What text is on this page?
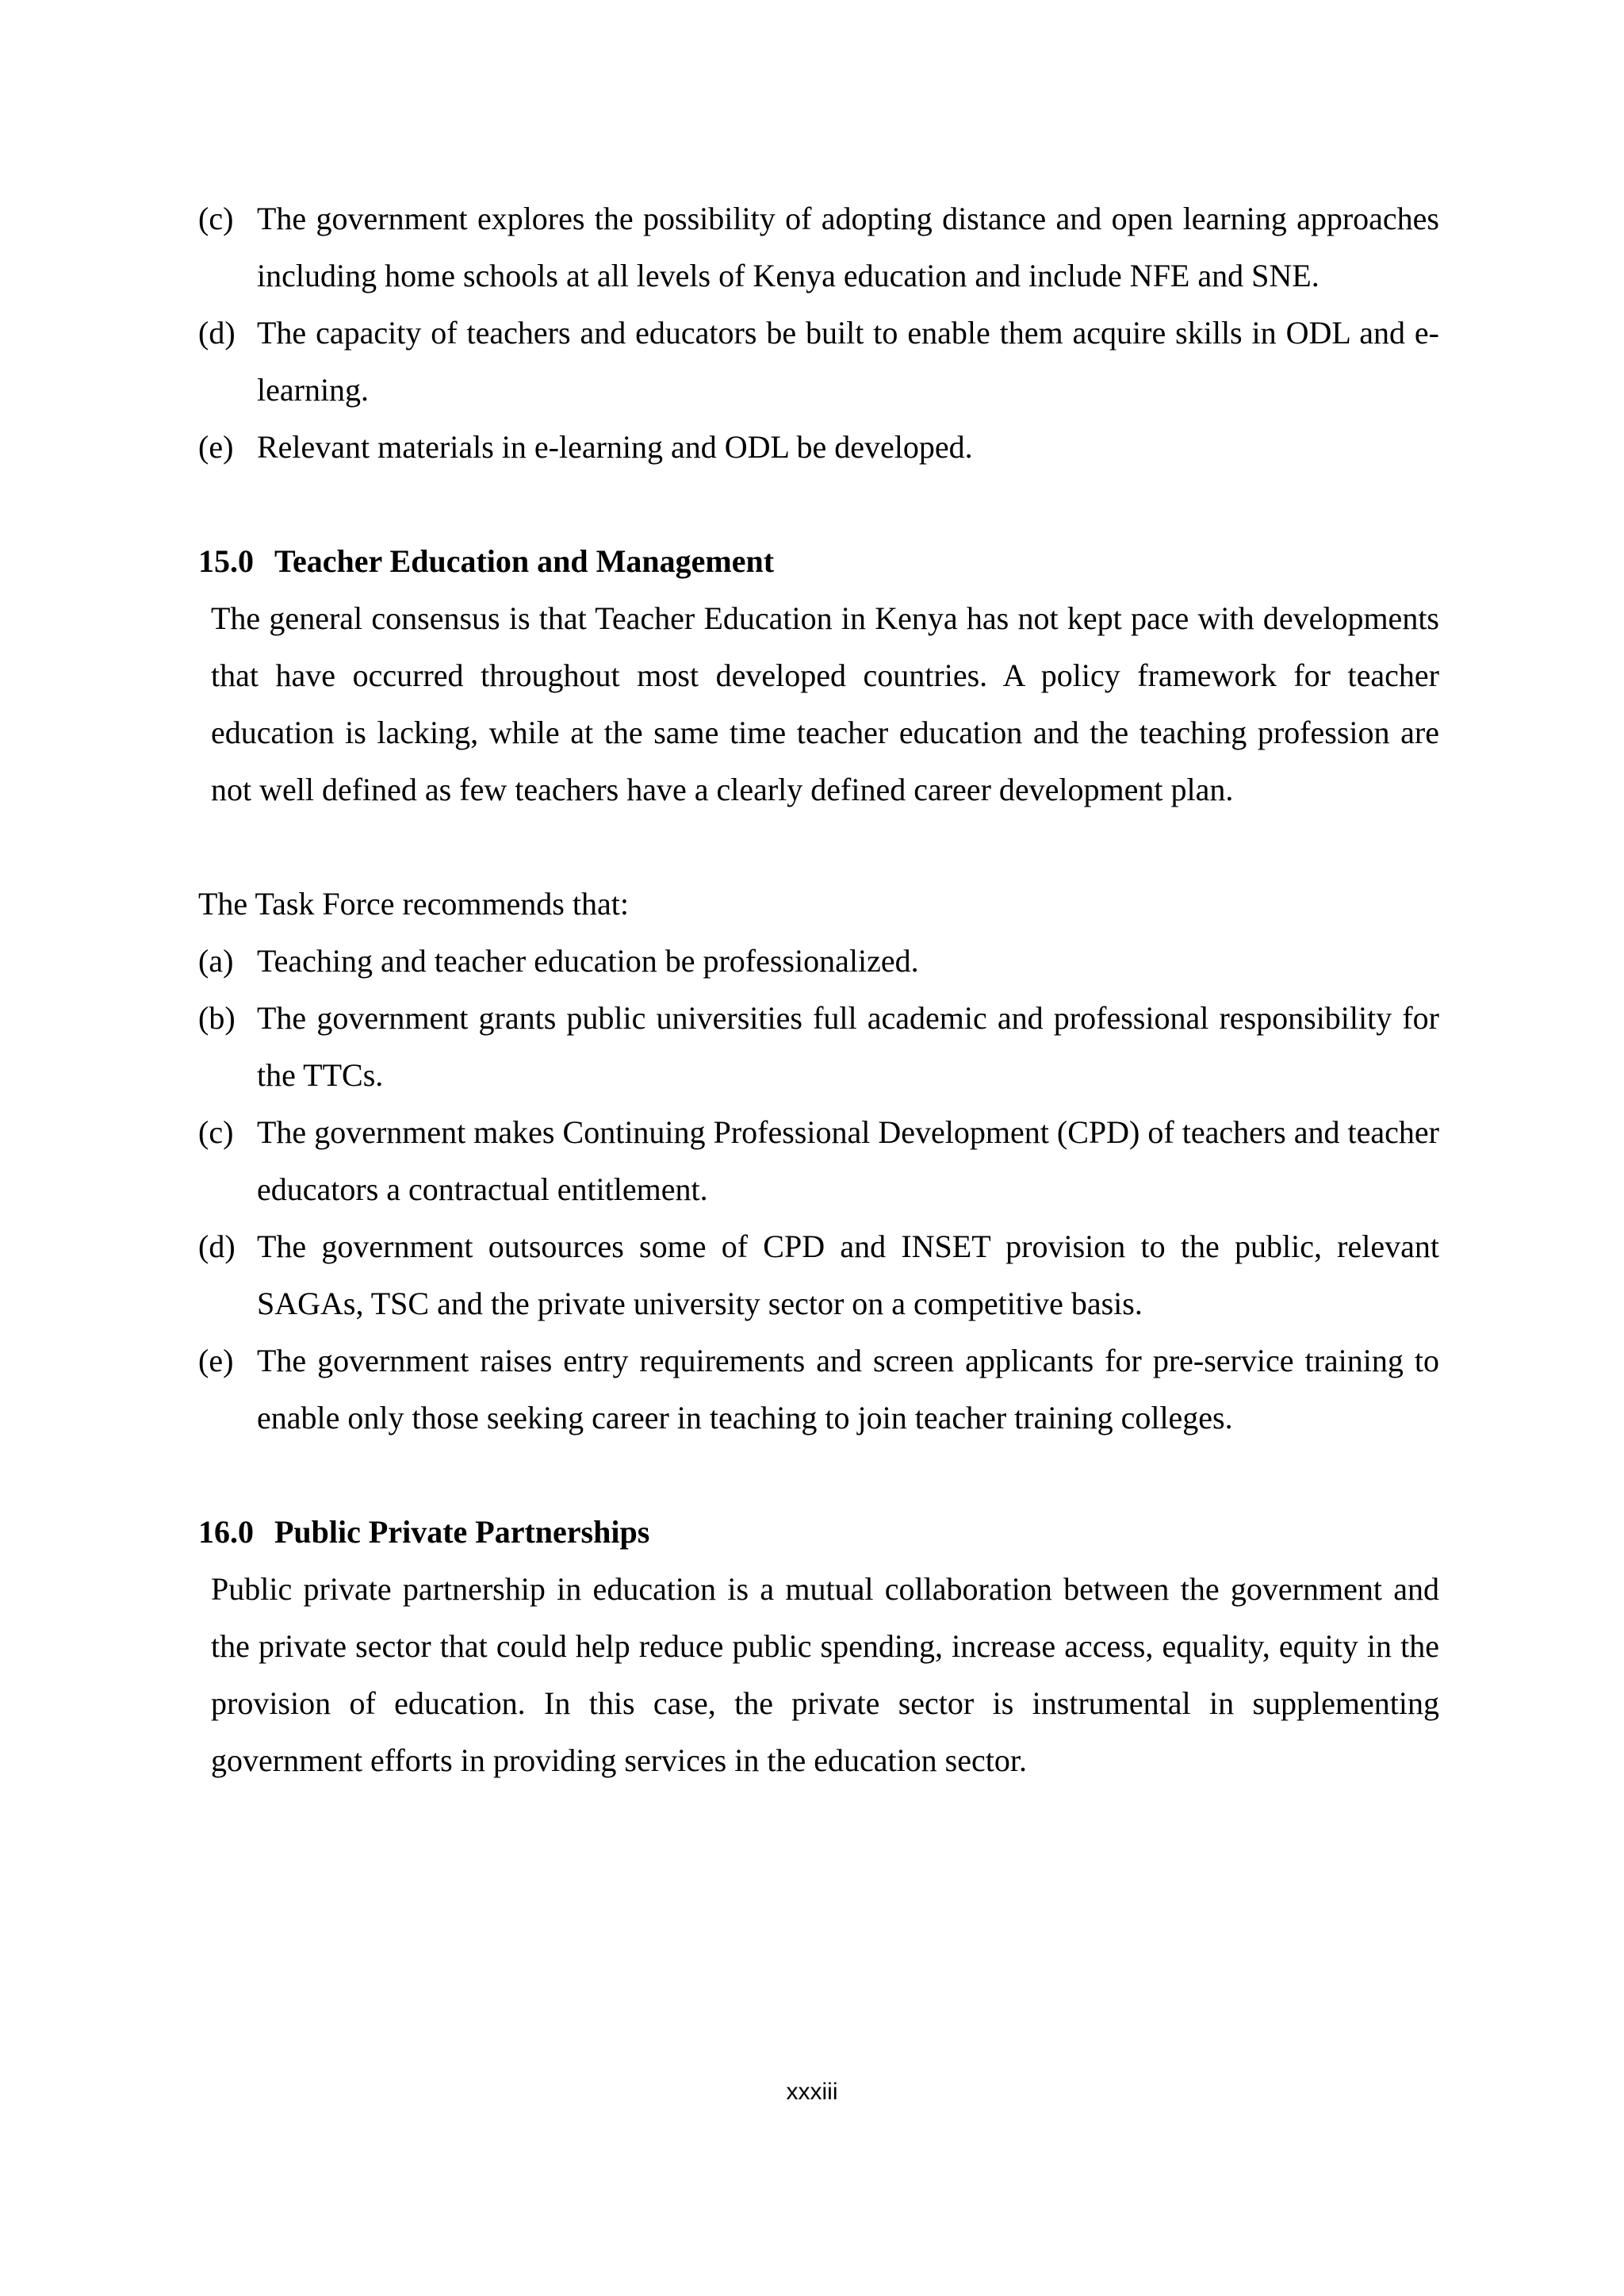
(c) The government explores the possibility of adopting distance and open learning approaches including home schools at all levels of Kenya education and include NFE and SNE.
(d) The capacity of teachers and educators be built to enable them acquire skills in ODL and e-learning.
(e) Relevant materials in e-learning and ODL be developed.
15.0 Teacher Education and Management
The general consensus is that Teacher Education in Kenya has not kept pace with developments that have occurred throughout most developed countries. A policy framework for teacher education is lacking, while at the same time teacher education and the teaching profession are not well defined as few teachers have a clearly defined career development plan.
The Task Force recommends that:
(a) Teaching and teacher education be professionalized.
(b) The government grants public universities full academic and professional responsibility for the TTCs.
(c) The government makes Continuing Professional Development (CPD) of teachers and teacher educators a contractual entitlement.
(d) The government outsources some of CPD and INSET provision to the public, relevant SAGAs, TSC and the private university sector on a competitive basis.
(e) The government raises entry requirements and screen applicants for pre-service training to enable only those seeking career in teaching to join teacher training colleges.
16.0 Public Private Partnerships
Public private partnership in education is a mutual collaboration between the government and the private sector that could help reduce public spending, increase access, equality, equity in the provision of education. In this case, the private sector is instrumental in supplementing government efforts in providing services in the education sector.
xxxiii
